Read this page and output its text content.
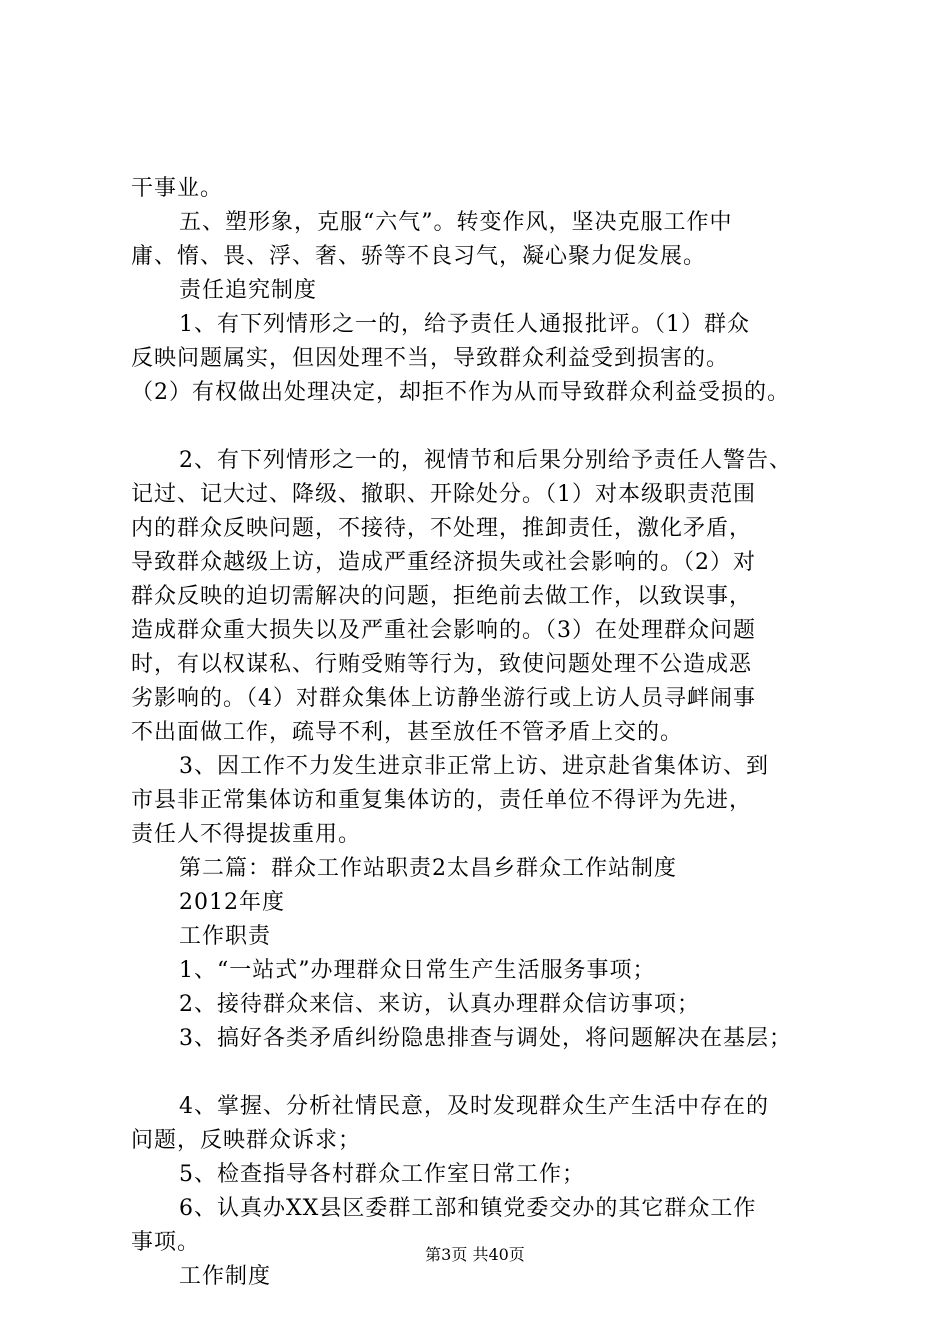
干事业。
五、塑形象，克服“六气”。转变作风，坚决克服工作中
庸、惰、畏、浮、奢、骄等不良习气，凝心聚力促发展。
责任追究制度
1、有下列情形之一的，给予责任人通报批评。（1）群众
反映问题属实，但因处理不当，导致群众利益受到损害的。
（2）有权做出处理决定，却拒不作为从而导致群众利益受损的。
2、有下列情形之一的，视情节和后果分别给予责任人警告、
记过、记大过、降级、撤职、开除处分。（1）对本级职责范围
内的群众反映问题，不接待，不处理，推卸责任，激化矛盾，
导致群众越级上访，造成严重经济损失或社会影响的。（2）对
群众反映的迫切需解决的问题，拒绝前去做工作，以致误事，
造成群众重大损失以及严重社会影响的。（3）在处理群众问题
时，有以权谋私、行贿受贿等行为，致使问题处理不公造成恶
劣影响的。（4）对群众集体上访静坐游行或上访人员寻衅闹事
不出面做工作，疏导不利，甚至放任不管矛盾上交的。
3、因工作不力发生进京非正常上访、进京赴省集体访、到
市县非正常集体访和重复集体访的，责任单位不得评为先进，
责任人不得提拔重用。
第二篇：群众工作站职责2太昌乡群众工作站制度
2012年度
工作职责
1、“一站式”办理群众日常生产生活服务事项；
2、接待群众来信、来访，认真办理群众信访事项；
3、搞好各类矛盾纠纷隐患排查与调处，将问题解决在基层；
4、掌握、分析社情民意，及时发现群众生产生活中存在的
问题，反映群众诉求；
5、检查指导各村群众工作室日常工作；
6、认真办XX县区委群工部和镇党委交办的其它群众工作
事项。
工作制度
第3页 共40页
